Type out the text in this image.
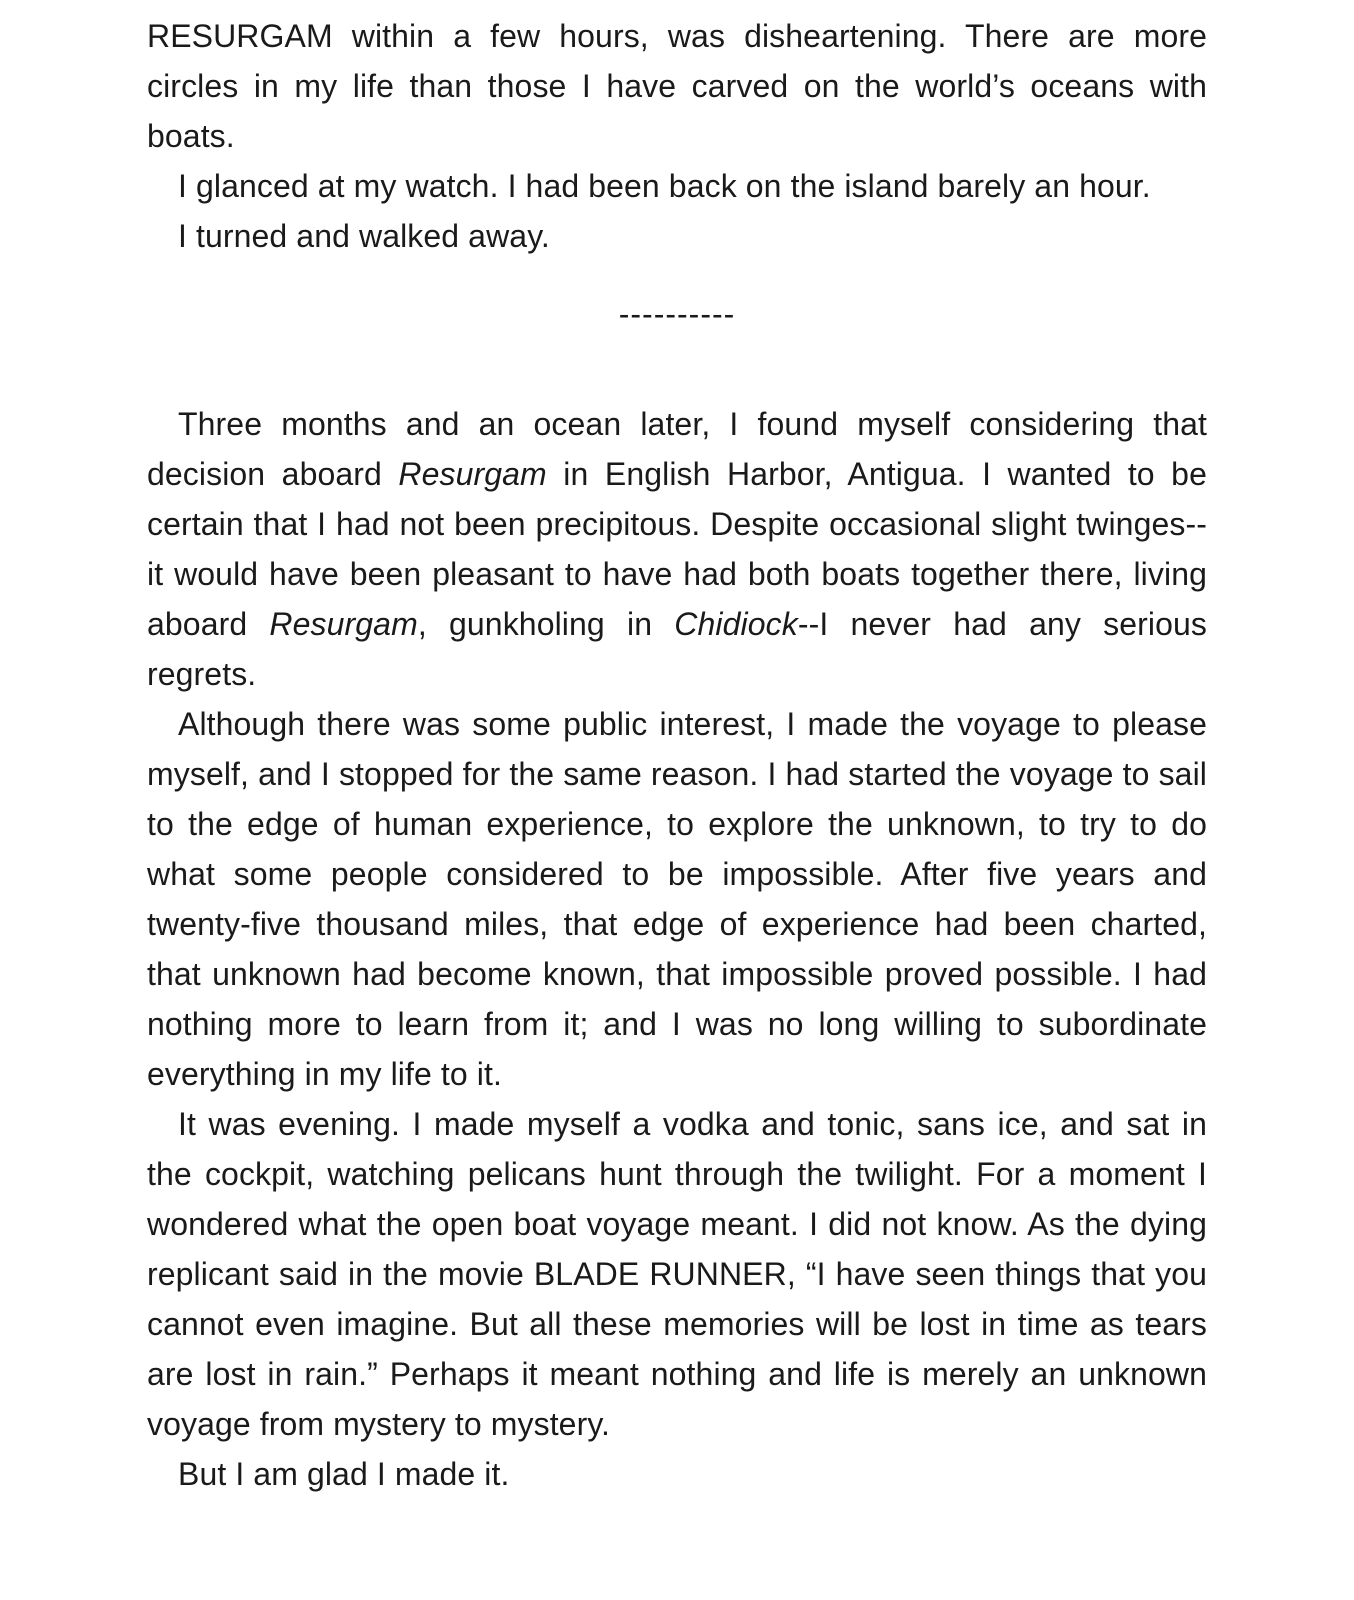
RESURGAM within a few hours, was disheartening. There are more circles in my life than those I have carved on the world’s oceans with boats.

I glanced at my watch. I had been back on the island barely an hour.

I turned and walked away.

----------

Three months and an ocean later, I found myself considering that decision aboard Resurgam in English Harbor, Antigua. I wanted to be certain that I had not been precipitous. Despite occasional slight twinges--it would have been pleasant to have had both boats together there, living aboard Resurgam, gunkholing in Chidiock--I never had any serious regrets.

Although there was some public interest, I made the voyage to please myself, and I stopped for the same reason. I had started the voyage to sail to the edge of human experience, to explore the unknown, to try to do what some people considered to be impossible. After five years and twenty-five thousand miles, that edge of experience had been charted, that unknown had become known, that impossible proved possible. I had nothing more to learn from it; and I was no long willing to subordinate everything in my life to it.

It was evening. I made myself a vodka and tonic, sans ice, and sat in the cockpit, watching pelicans hunt through the twilight. For a moment I wondered what the open boat voyage meant. I did not know. As the dying replicant said in the movie BLADE RUNNER, “I have seen things that you cannot even imagine. But all these memories will be lost in time as tears are lost in rain.” Perhaps it meant nothing and life is merely an unknown voyage from mystery to mystery.

But I am glad I made it.
